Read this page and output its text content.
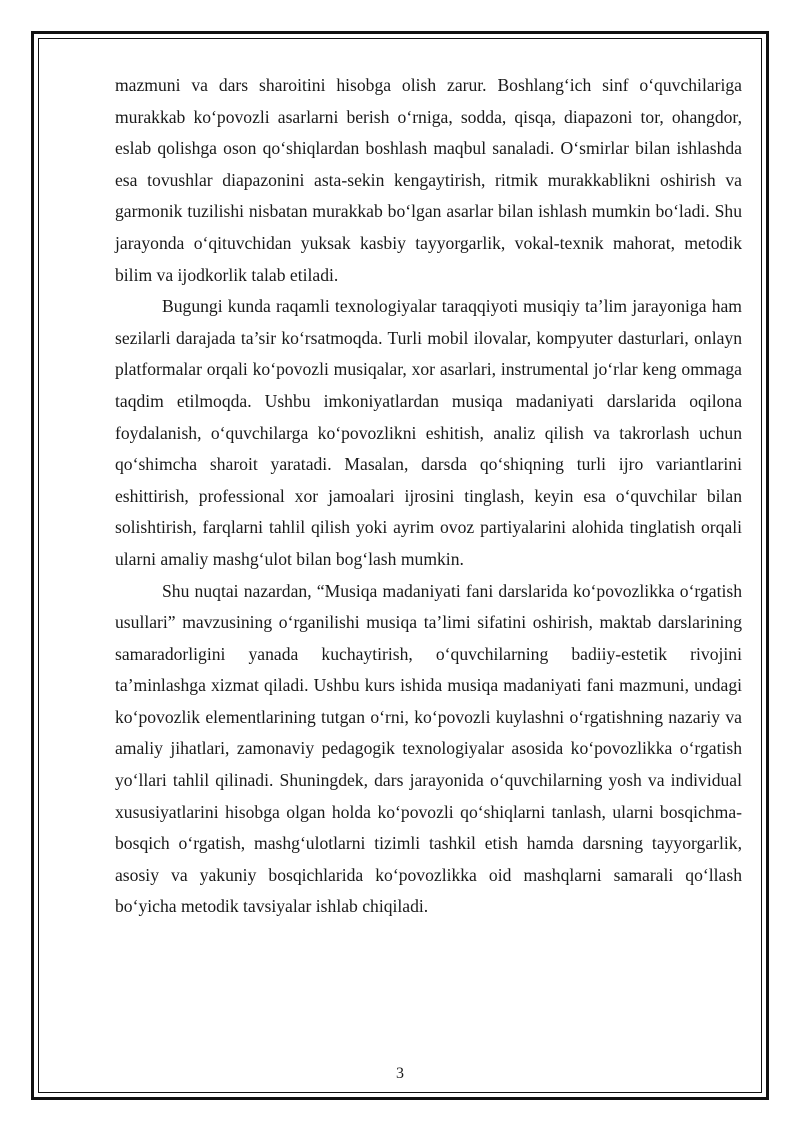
mazmuni va dars sharoitini hisobga olish zarur. Boshlang‘ich sinf o‘quvchilariga murakkab ko‘povozli asarlarni berish o‘rniga, sodda, qisqa, diapazoni tor, ohangdor, eslab qolishga oson qo‘shiqlardan boshlash maqbul sanaladi. O‘smirlar bilan ishlashda esa tovushlar diapazonini asta-sekin kengaytirish, ritmik murakkablikni oshirish va garmonik tuzilishi nisbatan murakkab bo‘lgan asarlar bilan ishlash mumkin bo‘ladi. Shu jarayonda o‘qituvchidan yuksak kasbiy tayyorgarlik, vokal-texnik mahorat, metodik bilim va ijodkorlik talab etiladi.

Bugungi kunda raqamli texnologiyalar taraqqiyoti musiqiy ta’lim jarayoniga ham sezilarli darajada ta’sir ko‘rsatmoqda. Turli mobil ilovalar, kompyuter dasturlari, onlayn platformalar orqali ko‘povozli musiqalar, xor asarlari, instrumental jo‘rlar keng ommaga taqdim etilmoqda. Ushbu imkoniyatlardan musiqa madaniyati darslarida oqilona foydalanish, o‘quvchilarga ko‘povozlikni eshitish, analiz qilish va takrorlash uchun qo‘shimcha sharoit yaratadi. Masalan, darsda qo‘shiqning turli ijro variantlarini eshittirish, professional xor jamoalari ijrosini tinglash, keyin esa o‘quvchilar bilan solishtirish, farqlarni tahlil qilish yoki ayrim ovoz partiyalarini alohida tinglatish orqali ularni amaliy mashg‘ulot bilan bog‘lash mumkin.

Shu nuqtai nazardan, “Musiqa madaniyati fani darslarida ko‘povozlikka o‘rgatish usullari” mavzusining o‘rganilishi musiqa ta’limi sifatini oshirish, maktab darslarining samaradorligini yanada kuchaytirish, o‘quvchilarning badiiy-estetik rivojini ta’minlashga xizmat qiladi. Ushbu kurs ishida musiqa madaniyati fani mazmuni, undagi ko‘povozlik elementlarining tutgan o‘rni, ko‘povozli kuylashni o‘rgatishning nazariy va amaliy jihatlari, zamonaviy pedagogik texnologiyalar asosida ko‘povozlikka o‘rgatish yo‘llari tahlil qilinadi. Shuningdek, dars jarayonida o‘quvchilarning yosh va individual xususiyatlarini hisobga olgan holda ko‘povozli qo‘shiqlarni tanlash, ularni bosqichma-bosqich o‘rgatish, mashg‘ulotlarni tizimli tashkil etish hamda darsning tayyorgarlik, asosiy va yakuniy bosqichlarida ko‘povozlikka oid mashqlarni samarali qo‘llash bo‘yicha metodik tavsiyalar ishlab chiqiladi.

3
